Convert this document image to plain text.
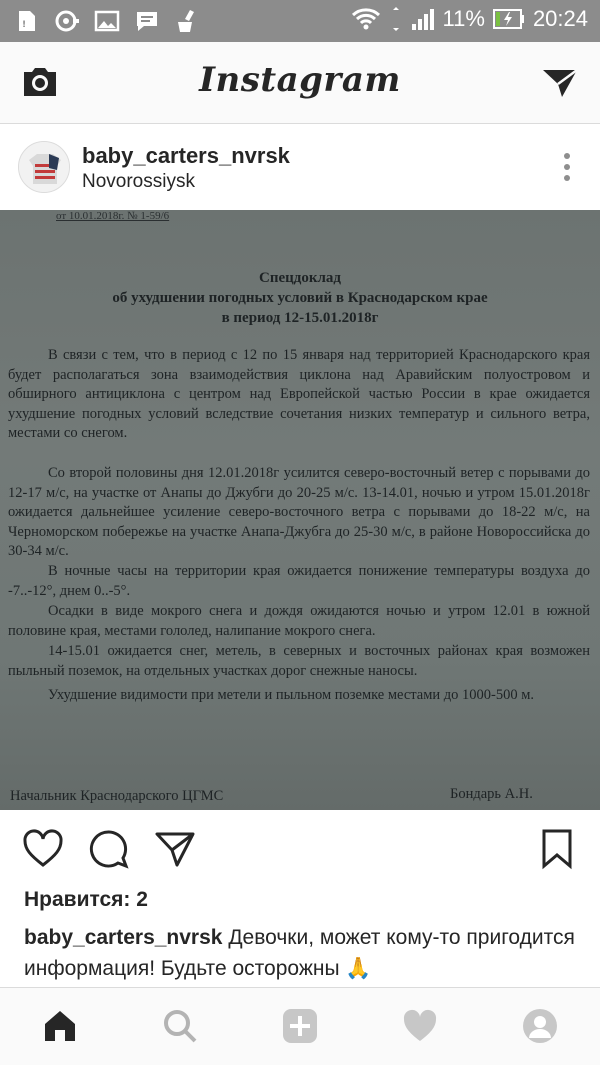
!	11% 20:24
Instagram
baby_carters_nvrsk
Novorossiysk
от 10.01.2018г. № 1-59/6
Спецдоклад
об ухудшении погодных условий в Краснодарском крае
в период 12-15.01.2018г
В связи с тем, что в период с 12 по 15 января над территорией Краснодарского края будет располагаться зона взаимодействия циклона над Аравийским полуостровом и обширного антициклона с центром над Европейской частью России в крае ожидается ухудшение погодных условий вследствие сочетания низких температур и сильного ветра, местами со снегом.
Со второй половины дня 12.01.2018г усилится северо-восточный ветер с порывами до 12-17 м/с, на участке от Анапы до Джубги до 20-25 м/с. 13-14.01, ночью и утром 15.01.2018г ожидается дальнейшее усиление северо-восточного ветра с порывами до 18-22 м/с, на Черноморском побережье на участке Анапа-Джубга до 25-30 м/с, в районе Новороссийска до 30-34 м/с.
В ночные часы на территории края ожидается понижение температуры воздуха до -7..-12°, днем 0..-5°.
Осадки в виде мокрого снега и дождя ожидаются ночью и утром 12.01 в южной половине края, местами гололед, налипание мокрого снега.
14-15.01 ожидается снег, метель, в северных и восточных районах края возможен пыльный поземок, на отдельных участках дорог снежные наносы.
Ухудшение видимости при метели и пыльном поземке местами до 1000-500 м.
Начальник Краснодарского ЦГМС	Бондарь А.Н.
Нравится: 2
baby_carters_nvrsk Девочки, может кому-то пригодится информация! Будьте осторожны 🙏
